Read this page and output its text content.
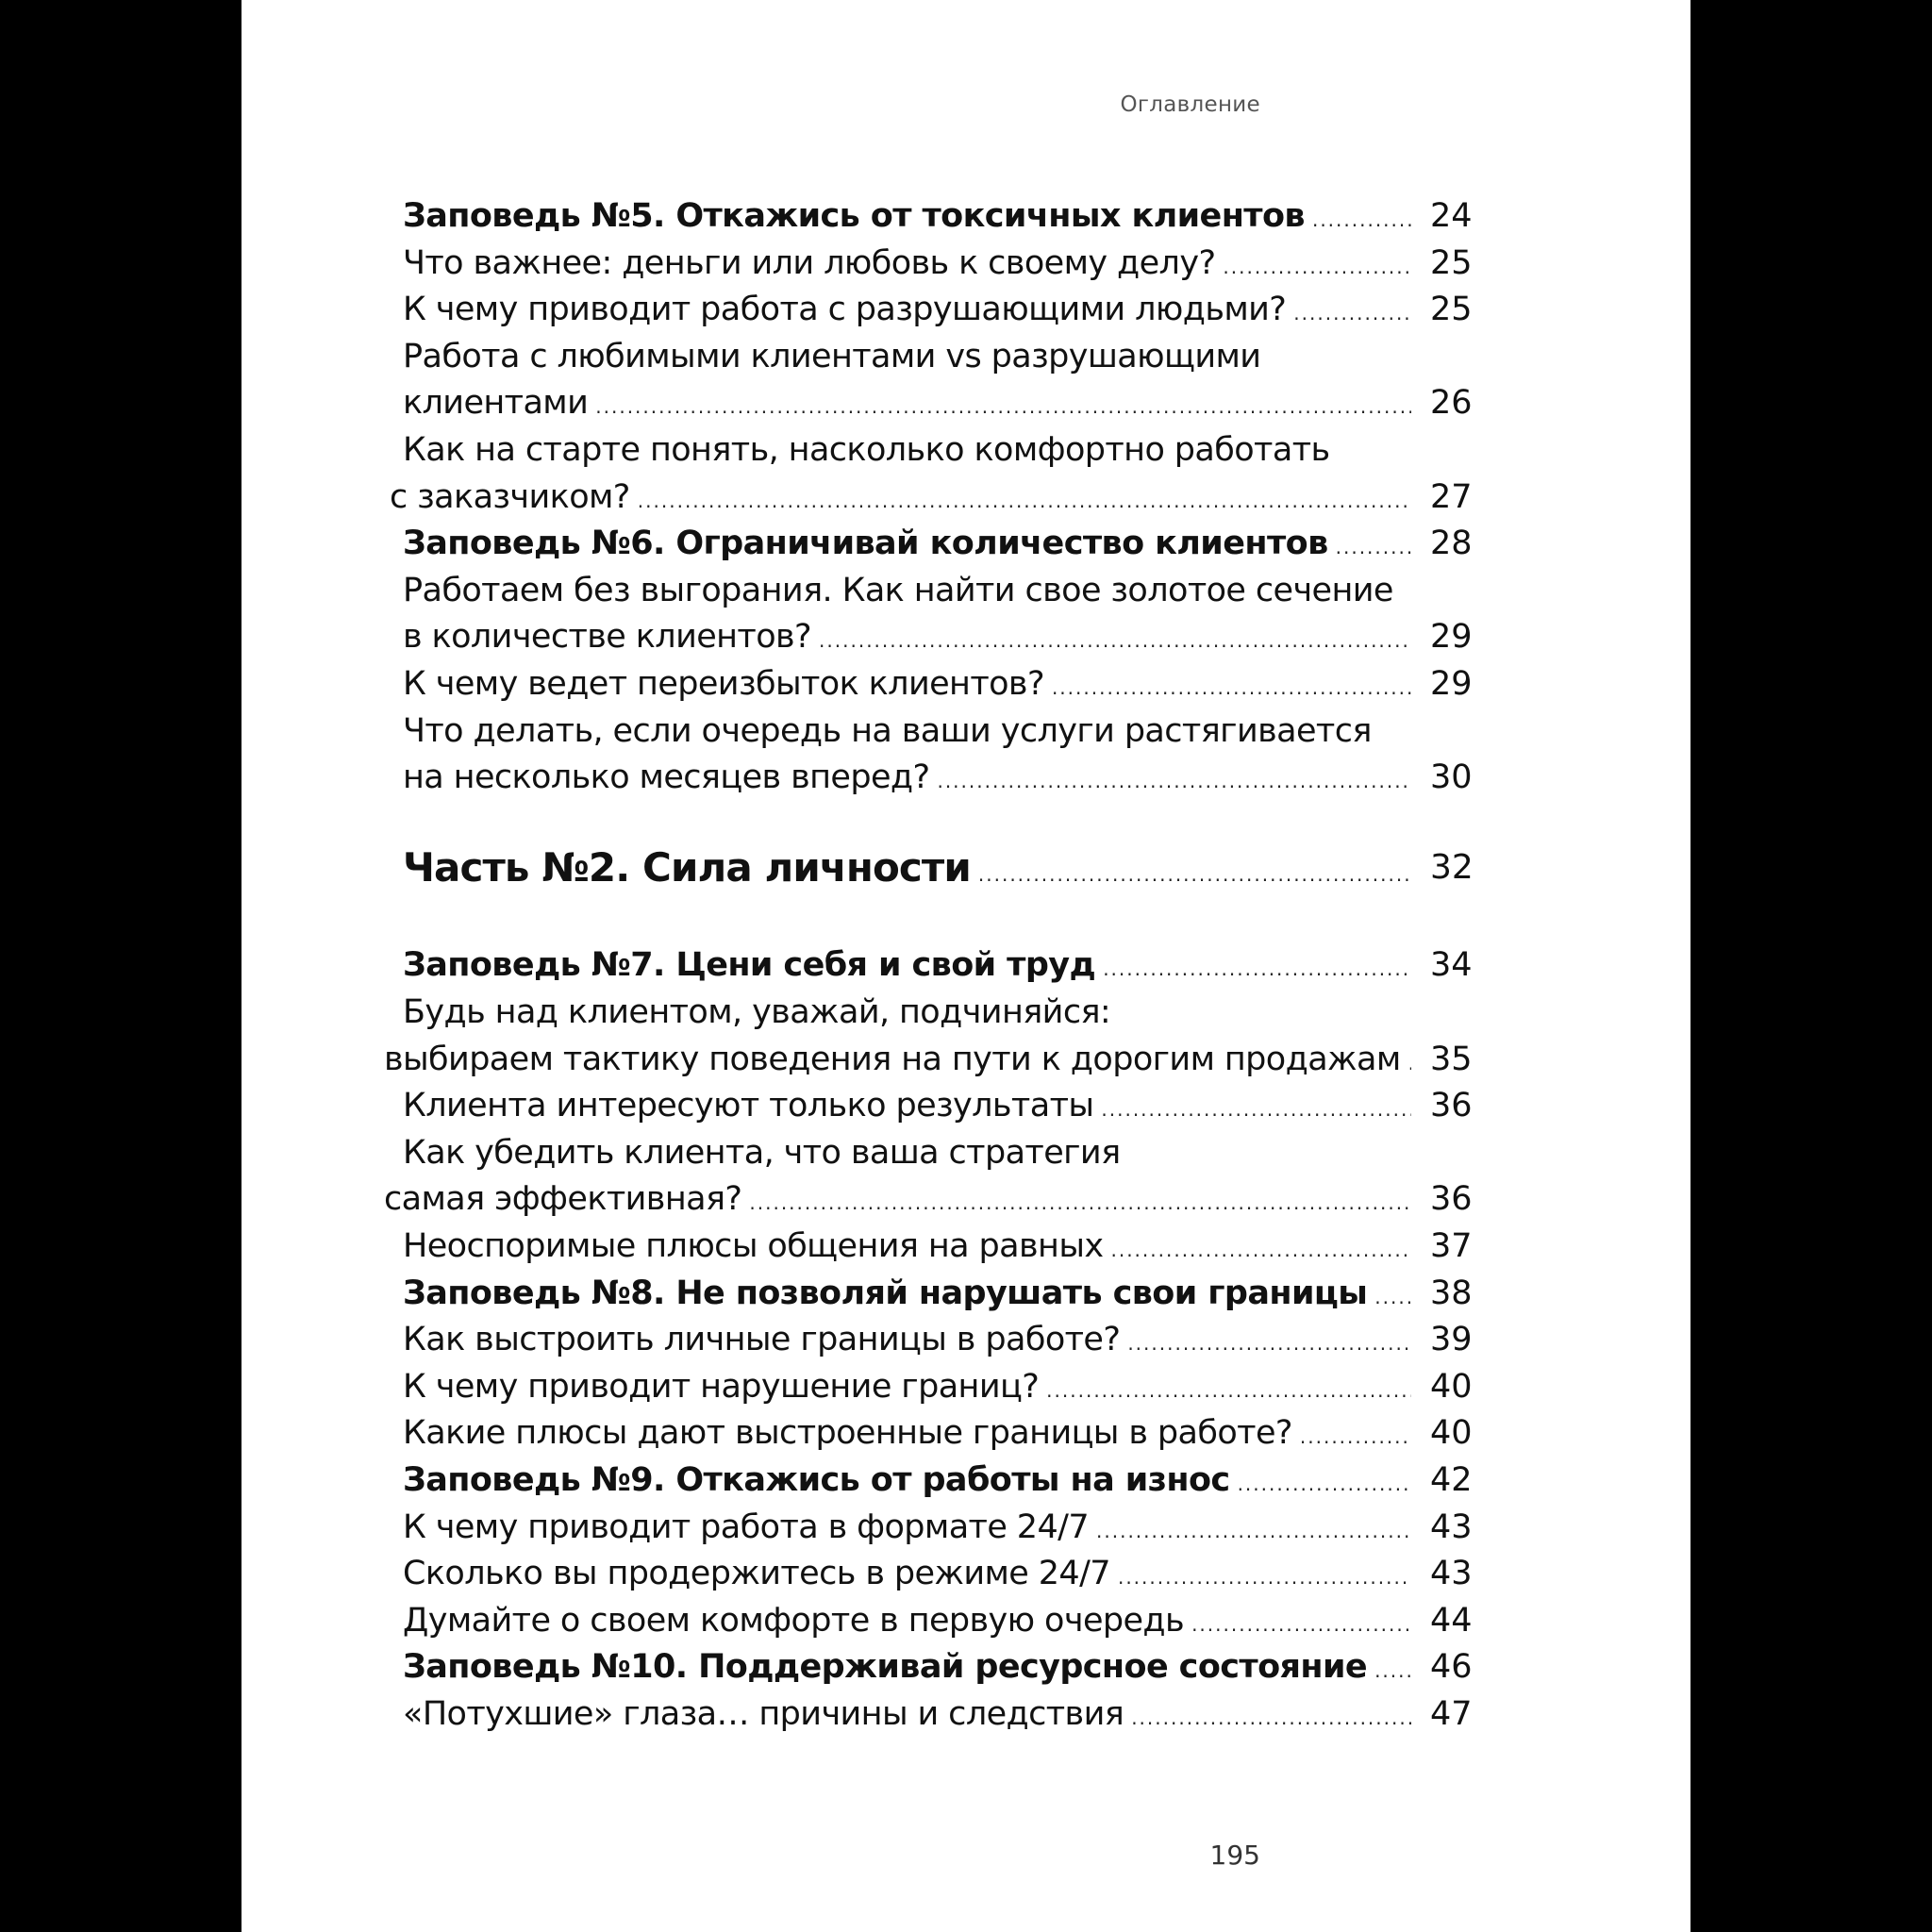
Оглавление
Заповедь №5. Откажись от токсичных клиентов .....	24
Что важнее: деньги или любовь к своему делу? .....	25
К чему приводит работа с разрушающими людьми? .....	25
Работа с любимыми клиентами vs разрушающими
клиентами .....	26
Как на старте понять, насколько комфортно работать
с заказчиком? .....	27
Заповедь №6. Ограничивай количество клиентов .....	28
Работаем без выгорания. Как найти свое золотое сечение
в количестве клиентов? .....	29
К чему ведет переизбыток клиентов? .....	29
Что делать, если очередь на ваши услуги растягивается
на несколько месяцев вперед? .....	30
Часть №2. Сила личности .....	32
Заповедь №7. Цени себя и свой труд .....	34
Будь над клиентом, уважай, подчиняйся:
выбираем тактику поведения на пути к дорогим продажам ..... 35
Клиента интересуют только результаты .....	36
Как убедить клиента, что ваша стратегия
самая эффективная? .....	36
Неоспоримые плюсы общения на равных .....	37
Заповедь №8. Не позволяй нарушать свои границы ..... 38
Как выстроить личные границы в работе? .....	39
К чему приводит нарушение границ? .....	40
Какие плюсы дают выстроенные границы в работе? .....	40
Заповедь №9. Откажись от работы на износ .....	42
К чему приводит работа в формате 24/7 .....	43
Сколько вы продержитесь в режиме 24/7 .....	43
Думайте о своем комфорте в первую очередь .....	44
Заповедь №10. Поддерживай ресурсное состояние ..... 46
«Потухшие» глаза… причины и следствия .....	47
195
